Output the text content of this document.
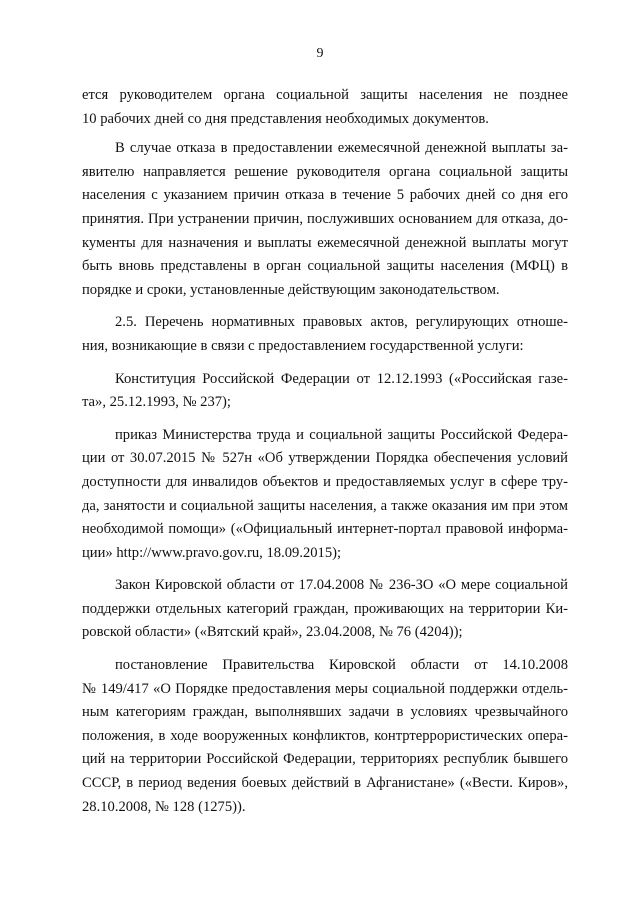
9
ется руководителем органа социальной защиты населения не позднее
10 рабочих дней со дня представления необходимых документов.
В случае отказа в предоставлении ежемесячной денежной выплаты за-
явителю направляется решение руководителя органа социальной защиты
населения с указанием причин отказа в течение 5 рабочих дней со дня его
принятия. При устранении причин, послуживших основанием для отказа, до-
кументы для назначения и выплаты ежемесячной денежной выплаты могут
быть вновь представлены в орган социальной защиты населения (МФЦ) в
порядке и сроки, установленные действующим законодательством.
2.5. Перечень нормативных правовых актов, регулирующих отноше-
ния, возникающие в связи с предоставлением государственной услуги:
Конституция Российской Федерации от 12.12.1993 («Российская газе-
та», 25.12.1993, № 237);
приказ Министерства труда и социальной защиты Российской Федера-
ции от 30.07.2015 № 527н «Об утверждении Порядка обеспечения условий
доступности для инвалидов объектов и предоставляемых услуг в сфере тру-
да, занятости и социальной защиты населения, а также оказания им при этом
необходимой помощи» («Официальный интернет-портал правовой информа-
ции» http://www.pravo.gov.ru, 18.09.2015);
Закон Кировской области от 17.04.2008 № 236-ЗО «О мере социальной
поддержки отдельных категорий граждан, проживающих на территории Ки-
ровской области» («Вятский край», 23.04.2008, № 76 (4204));
постановление Правительства Кировской области от 14.10.2008
№ 149/417 «О Порядке предоставления меры социальной поддержки отдель-
ным категориям граждан, выполнявших задачи в условиях чрезвычайного
положения, в ходе вооруженных конфликтов, контртеррористических опера-
ций на территории Российской Федерации, территориях республик бывшего
СССР, в период ведения боевых действий в Афганистане» («Вести. Киров»,
28.10.2008, № 128 (1275)).
